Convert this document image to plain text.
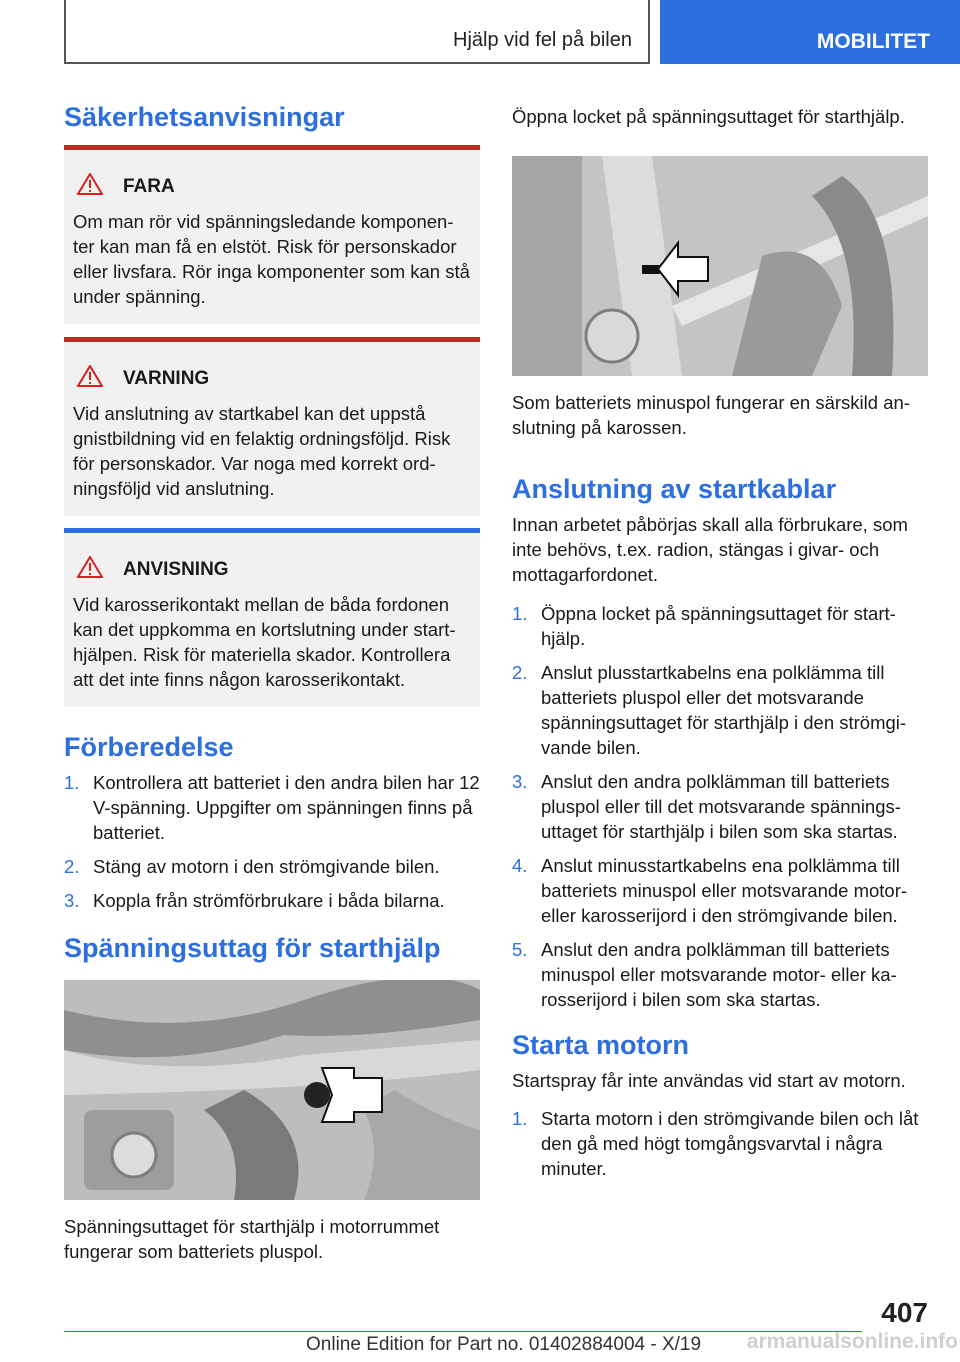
Hjälp vid fel på bilen	MOBILITET
Säkerhetsanvisningar
FARA
Om man rör vid spänningsledande komponen-ter kan man få en elstöt. Risk för personskador eller livsfara. Rör inga komponenter som kan stå under spänning.
VARNING
Vid anslutning av startkabel kan det uppstå gnistbildning vid en felaktig ordningsföljd. Risk för personskador. Var noga med korrekt ord-ningsföljd vid anslutning.
ANVISNING
Vid karosserikontakt mellan de båda fordonen kan det uppkomma en kortslutning under start-hjälpen. Risk för materiella skador. Kontrollera att det inte finns någon karosserikontakt.
Förberedelse
1. Kontrollera att batteriet i den andra bilen har 12 V-spänning. Uppgifter om spänningen finns på batteriet.
2. Stäng av motorn i den strömgivande bilen.
3. Koppla från strömförbrukare i båda bilarna.
Spänningsuttag för starthjälp
Spänningsuttaget för starthjälp i motorrummet fungerar som batteriets pluspol.
Öppna locket på spänningsuttaget för starthjälp.
Som batteriets minuspol fungerar en särskild an-slutning på karossen.
Anslutning av startkablar
Innan arbetet påbörjas skall alla förbrukare, som inte behövs, t.ex. radion, stängas i givar- och mottagarfordonet.
1. Öppna locket på spänningsuttaget för start-hjälp.
2. Anslut plusstartkabelns ena polklämma till batteriets pluspol eller det motsvarande spänningsuttaget för starthjälp i den strömgi-vande bilen.
3. Anslut den andra polklämman till batteriets pluspol eller till det motsvarande spännings-uttaget för starthjälp i bilen som ska startas.
4. Anslut minusstartkabelns ena polklämma till batteriets minuspol eller motsvarande motor-eller karosserijord i den strömgivande bilen.
5. Anslut den andra polklämman till batteriets minuspol eller motsvarande motor- eller ka-rosserijord i bilen som ska startas.
Starta motorn
Startspray får inte användas vid start av motorn.
1. Starta motorn i den strömgivande bilen och låt den gå med högt tomgångsvarvtal i några minuter.
407
Online Edition for Part no. 01402884004 - X/19 armanualsonline.info
